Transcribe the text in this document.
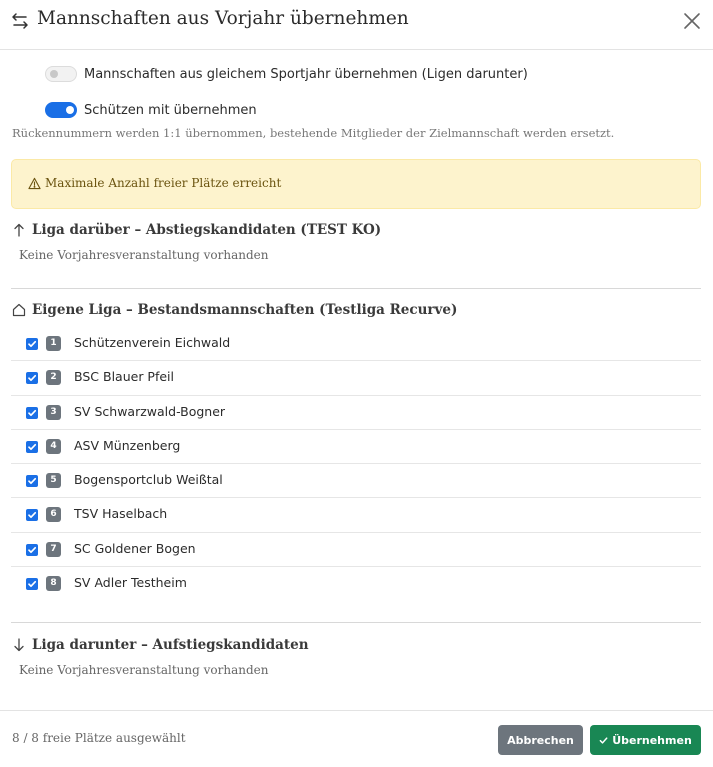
Mannschaften aus Vorjahr übernehmen
Mannschaften aus gleichem Sportjahr übernehmen (Ligen darunter)
Schützen mit übernehmen
Rückennummern werden 1:1 übernommen, bestehende Mitglieder der Zielmannschaft werden ersetzt.
Maximale Anzahl freier Plätze erreicht
Liga darüber – Abstiegskandidaten (TEST KO)
Keine Vorjahresveranstaltung vorhanden
Eigene Liga – Bestandsmannschaften (Testliga Recurve)
1	Schützenverein Eichwald
2	BSC Blauer Pfeil
3	SV Schwarzwald-Bogner
4	ASV Münzenberg
5	Bogensportclub Weißtal
6	TSV Haselbach
7	SC Goldener Bogen
8	SV Adler Testheim
Liga darunter – Aufstiegskandidaten
Keine Vorjahresveranstaltung vorhanden
8 / 8 freie Plätze ausgewählt	Abbrechen	Übernehmen
